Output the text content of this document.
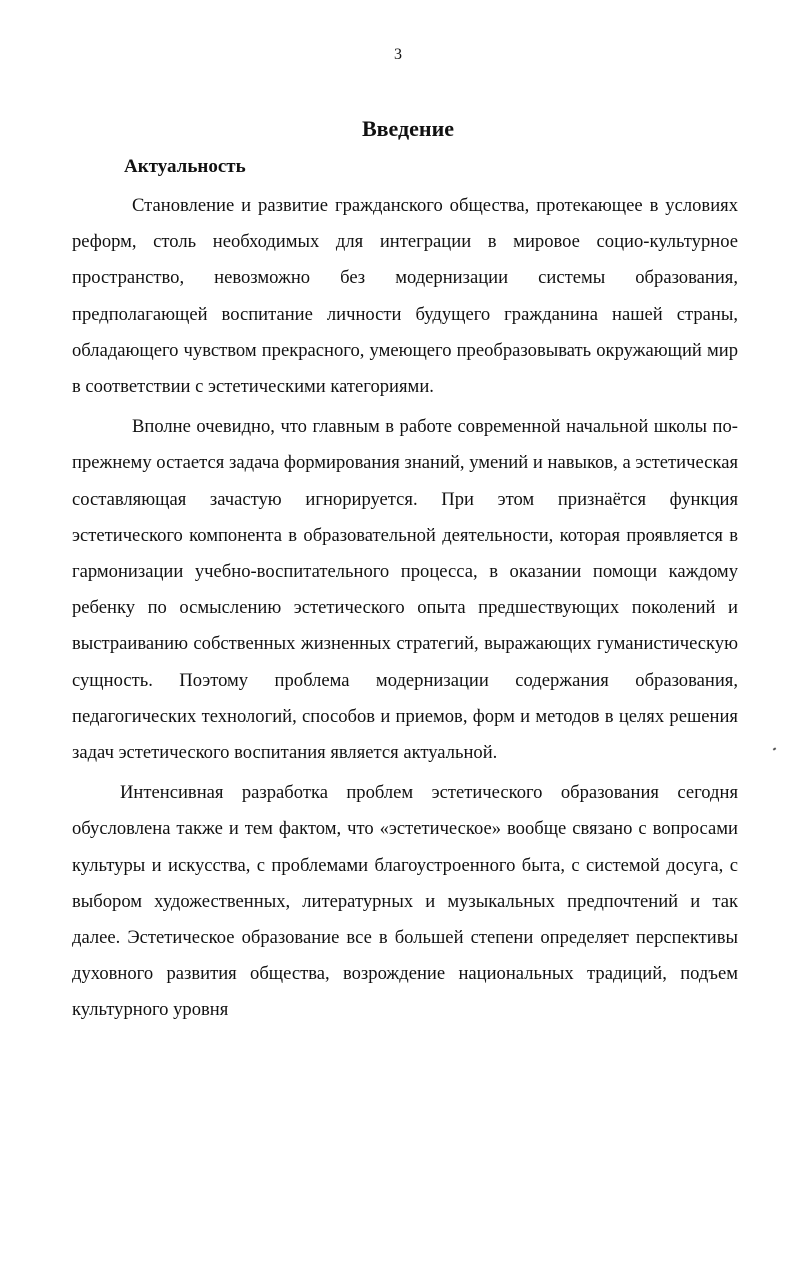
3
Введение
Актуальность

Становление и развитие гражданского общества, протекающее в условиях реформ, столь необходимых для интеграции в мировое социо-культурное пространство, невозможно без модернизации системы образования, предполагающей воспитание личности будущего гражданина нашей страны, обладающего чувством прекрасного, умеющего преобразовывать окружающий мир в соответствии с эстетическими категориями.

Вполне очевидно, что главным в работе современной начальной школы по-прежнему остается задача формирования знаний, умений и навыков, а эстетическая составляющая зачастую игнорируется. При этом признаётся функция эстетического компонента в образовательной деятельности, которая проявляется в гармонизации учебно-воспитательного процесса, в оказании помощи каждому ребенку по осмыслению эстетического опыта предшествующих поколений и выстраиванию собственных жизненных стратегий, выражающих гуманистическую сущность. Поэтому проблема модернизации содержания образования, педагогических технологий, способов и приемов, форм и методов в целях решения задач эстетического воспитания является актуальной.

Интенсивная разработка проблем эстетического образования сегодня обусловлена также и тем фактом, что «эстетическое» вообще связано с вопросами культуры и искусства, с проблемами благоустроенного быта, с системой досуга, с выбором художественных, литературных и музыкальных предпочтений и так далее. Эстетическое образование все в большей степени определяет перспективы духовного развития общества, возрождение национальных традиций, подъем культурного уровня
